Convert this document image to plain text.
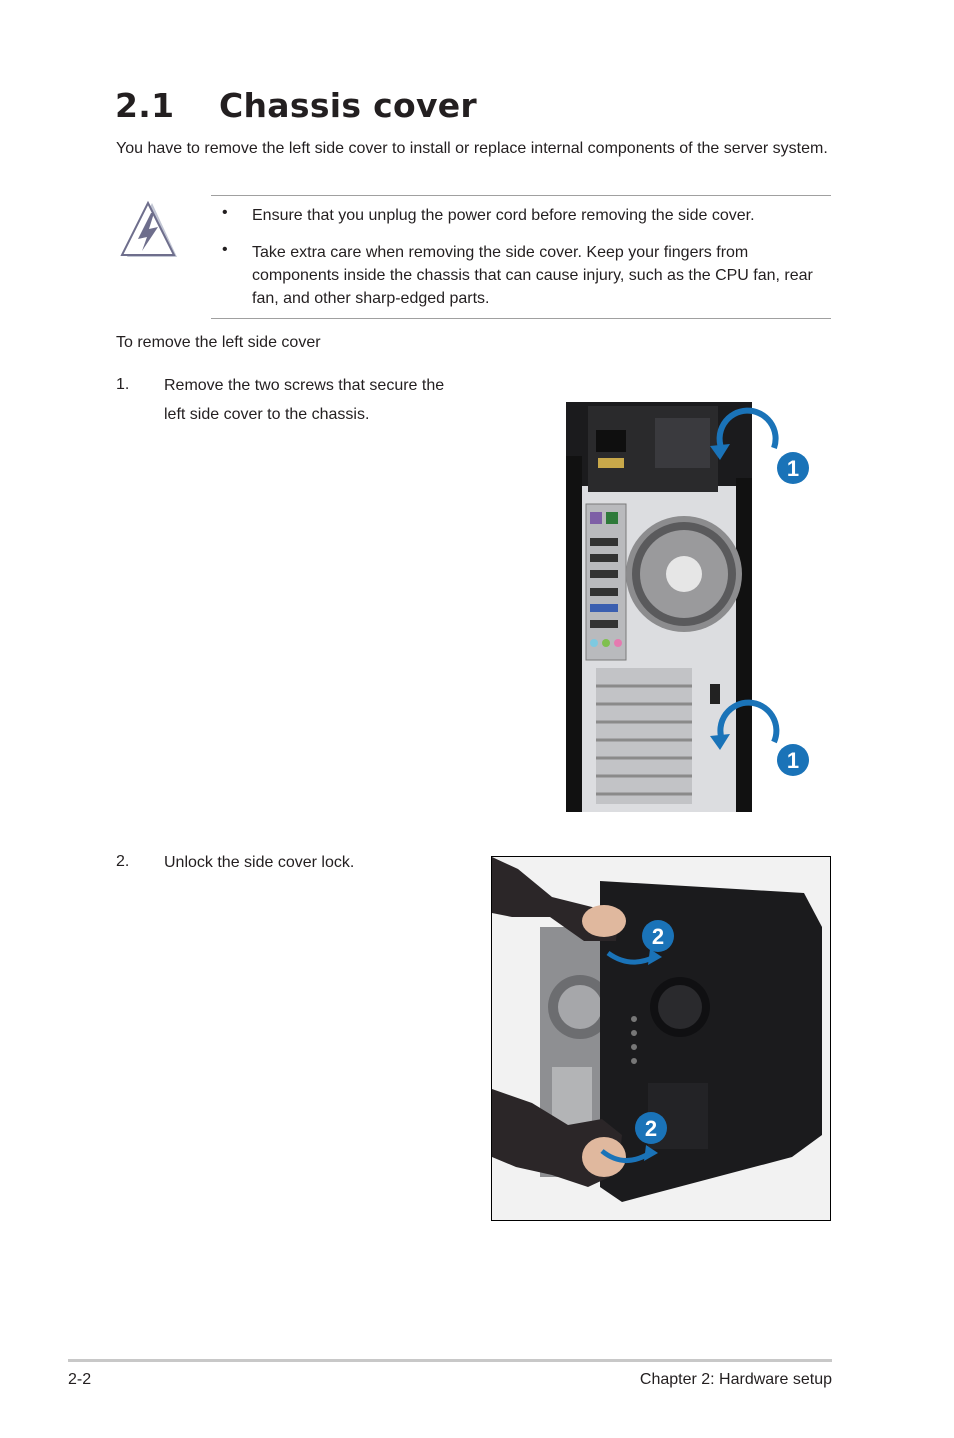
2.1 Chassis cover
You have to remove the left side cover to install or replace internal components of the server system.
• Ensure that you unplug the power cord before removing the side cover.
• Take extra care when removing the side cover. Keep your fingers from components inside the chassis that can cause injury, such as the CPU fan, rear fan, and other sharp-edged parts.
To remove the left side cover
1. Remove the two screws that secure the left side cover to the chassis.
1
1
2. Unlock the side cover lock.
2
2
2-2	Chapter 2: Hardware setup
